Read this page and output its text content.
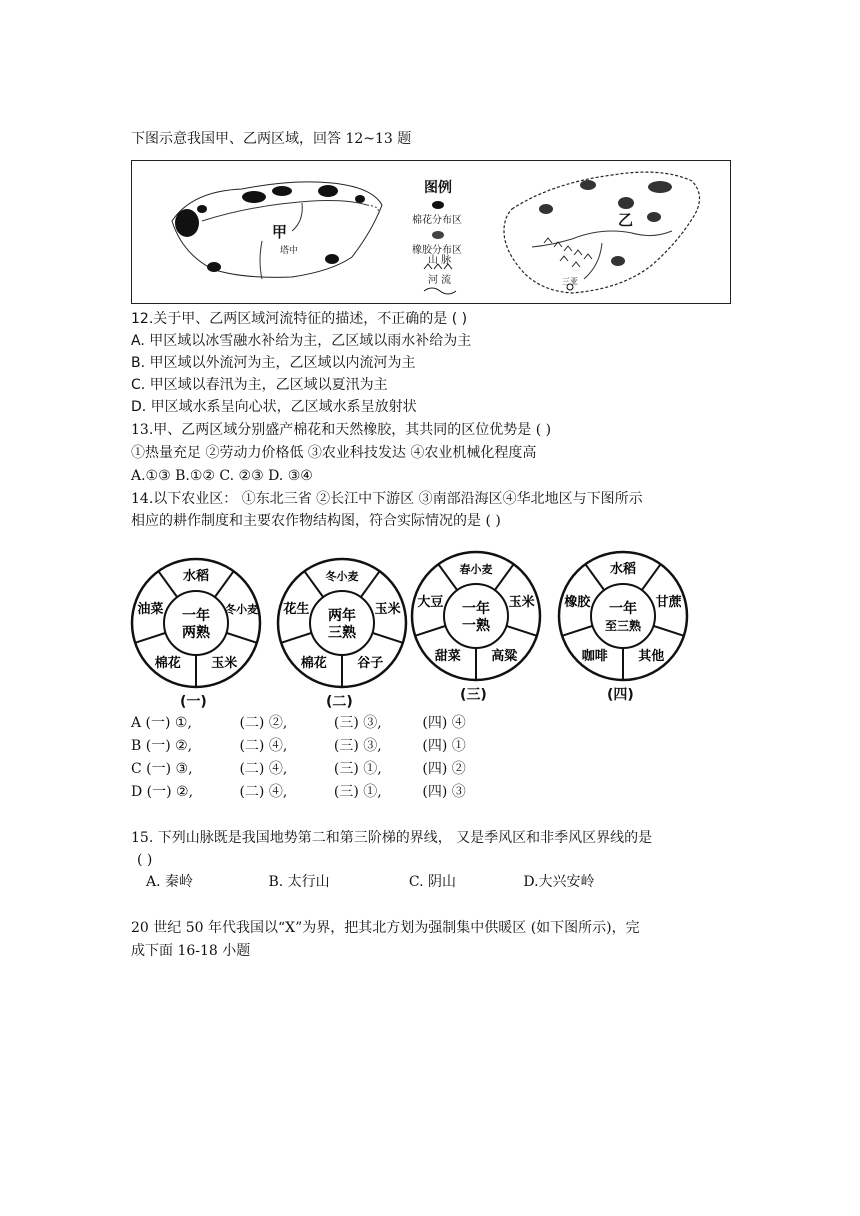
下图示意我国甲、乙两区域，回答 12~13 题
甲
塔中
图例
棉花分布区
橡胶分布区
山 脉
河 流
乙
三亚
12.关于甲、乙两区域河流特征的描述，不正确的是 ( )
A. 甲区域以冰雪融水补给为主，乙区域以雨水补给为主
B. 甲区域以外流河为主，乙区域以内流河为主
C. 甲区域以春汛为主，乙区域以夏汛为主
D. 甲区域水系呈向心状，乙区域水系呈放射状
13.甲、乙两区域分别盛产棉花和天然橡胶，其共同的区位优势是 ( )
①热量充足 ②劳动力价格低 ③农业科技发达 ④农业机械化程度高
A.①③ B.①② C. ②③ D. ③④
14.以下农业区： ①东北三省 ②长江中下游区 ③南部沿海区④华北地区与下图所示
相应的耕作制度和主要农作物结构图，符合实际情况的是 ( )
冬小麦
玉米
棉花
油菜
水稻
一年
两熟
(一)
玉米
谷子
棉花
花生
冬小麦
两年
三熟
(二)
玉米
高粱
甜菜
大豆
春小麦
一年
一熟
(三)
甘蔗
其他
咖啡
橡胶
水稻
一年
至三熟
(四)
A (一) ①,	(二) ②,	(三) ③,	(四) ④
B (一) ②,	(二) ④,	(三) ③,	(四) ①
C (一) ③,	(二) ④,	(三) ①,	(四) ②
D (一) ②,	(二) ④,	(三) ①,	(四) ③
15. 下列山脉既是我国地势第二和第三阶梯的界线， 又是季风区和非季风区界线的是
( )
A. 秦岭	B. 太行山	C. 阴山	D.大兴安岭
20 世纪 50 年代我国以“X”为界，把其北方划为强制集中供暖区 (如下图所示)，完
成下面 16-18 小题
